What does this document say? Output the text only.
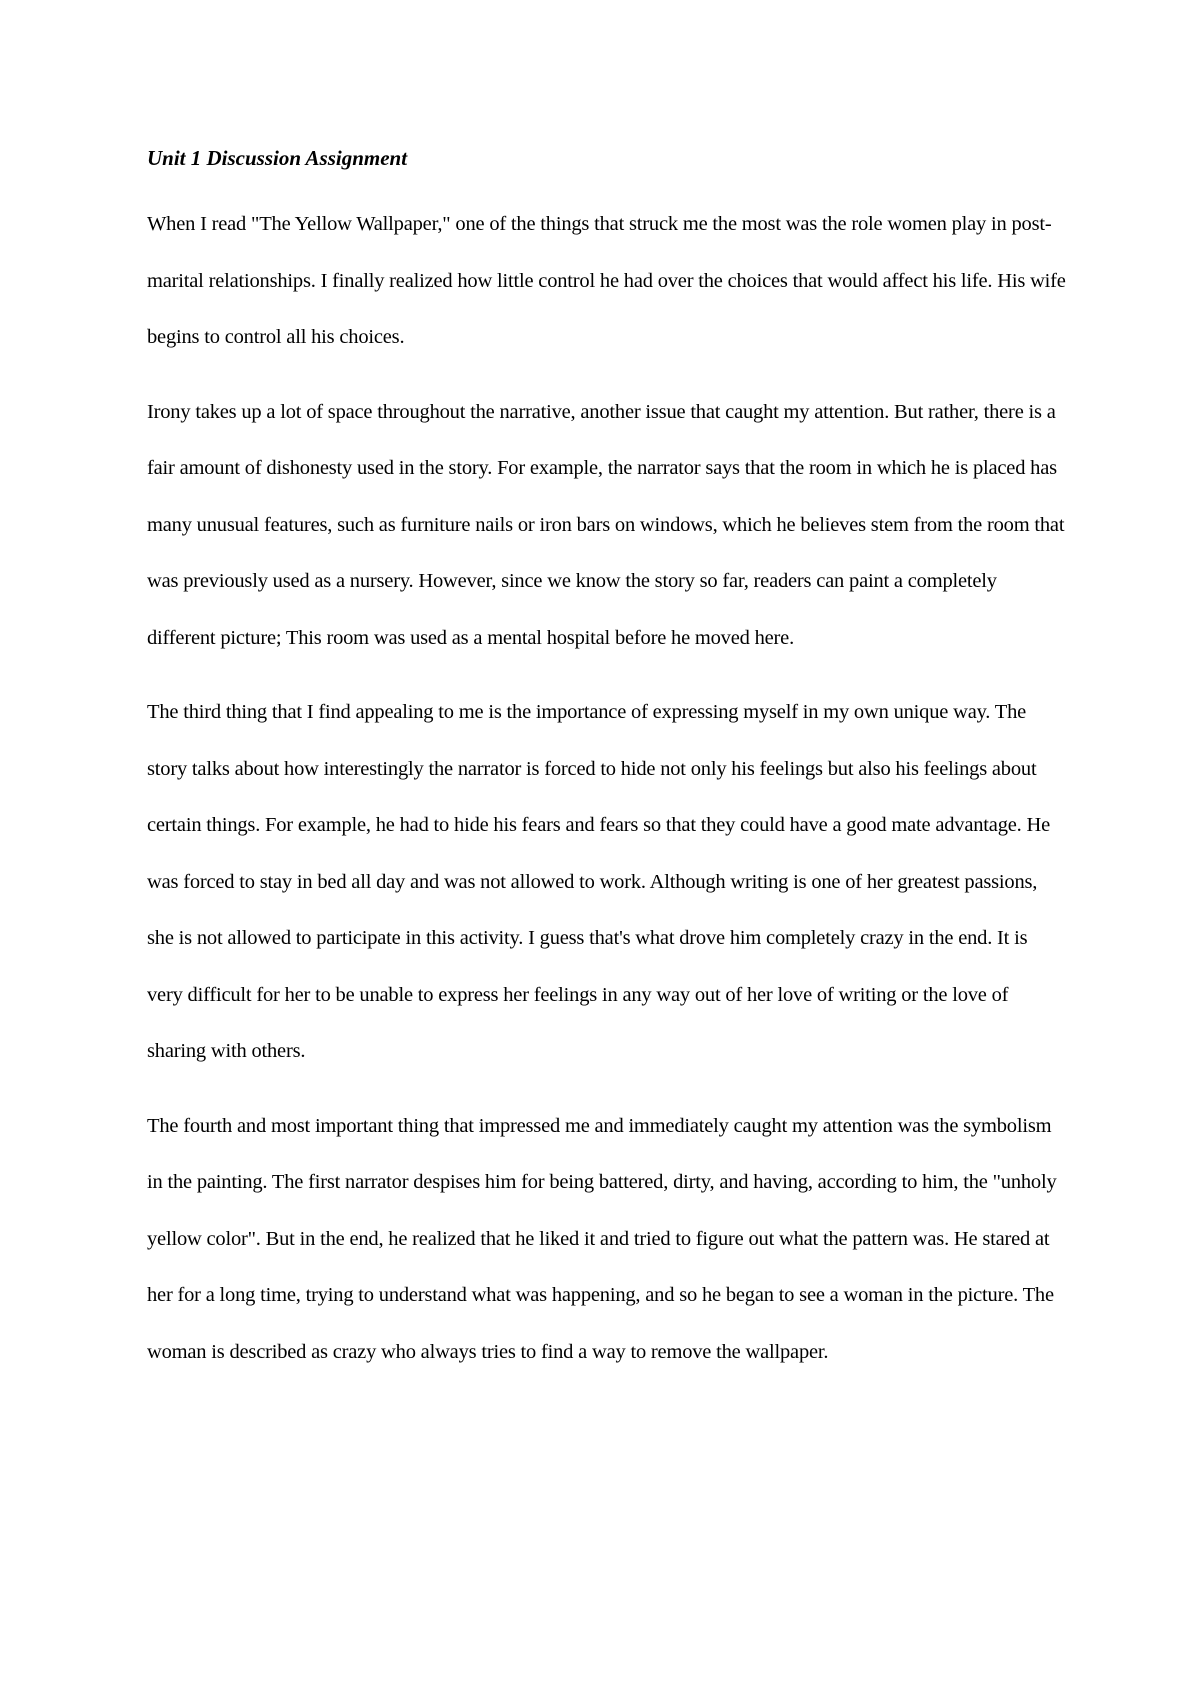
Unit 1 Discussion Assignment

When I read "The Yellow Wallpaper," one of the things that struck me the most was the role women play in post-marital relationships. I finally realized how little control he had over the choices that would affect his life. His wife begins to control all his choices.

Irony takes up a lot of space throughout the narrative, another issue that caught my attention. But rather, there is a fair amount of dishonesty used in the story. For example, the narrator says that the room in which he is placed has many unusual features, such as furniture nails or iron bars on windows, which he believes stem from the room that was previously used as a nursery. However, since we know the story so far, readers can paint a completely different picture; This room was used as a mental hospital before he moved here.

The third thing that I find appealing to me is the importance of expressing myself in my own unique way. The story talks about how interestingly the narrator is forced to hide not only his feelings but also his feelings about certain things. For example, he had to hide his fears and fears so that they could have a good mate advantage. He was forced to stay in bed all day and was not allowed to work. Although writing is one of her greatest passions, she is not allowed to participate in this activity. I guess that's what drove him completely crazy in the end. It is very difficult for her to be unable to express her feelings in any way out of her love of writing or the love of sharing with others.

The fourth and most important thing that impressed me and immediately caught my attention was the symbolism in the painting. The first narrator despises him for being battered, dirty, and having, according to him, the "unholy yellow color". But in the end, he realized that he liked it and tried to figure out what the pattern was. He stared at her for a long time, trying to understand what was happening, and so he began to see a woman in the picture. The woman is described as crazy who always tries to find a way to remove the wallpaper.
